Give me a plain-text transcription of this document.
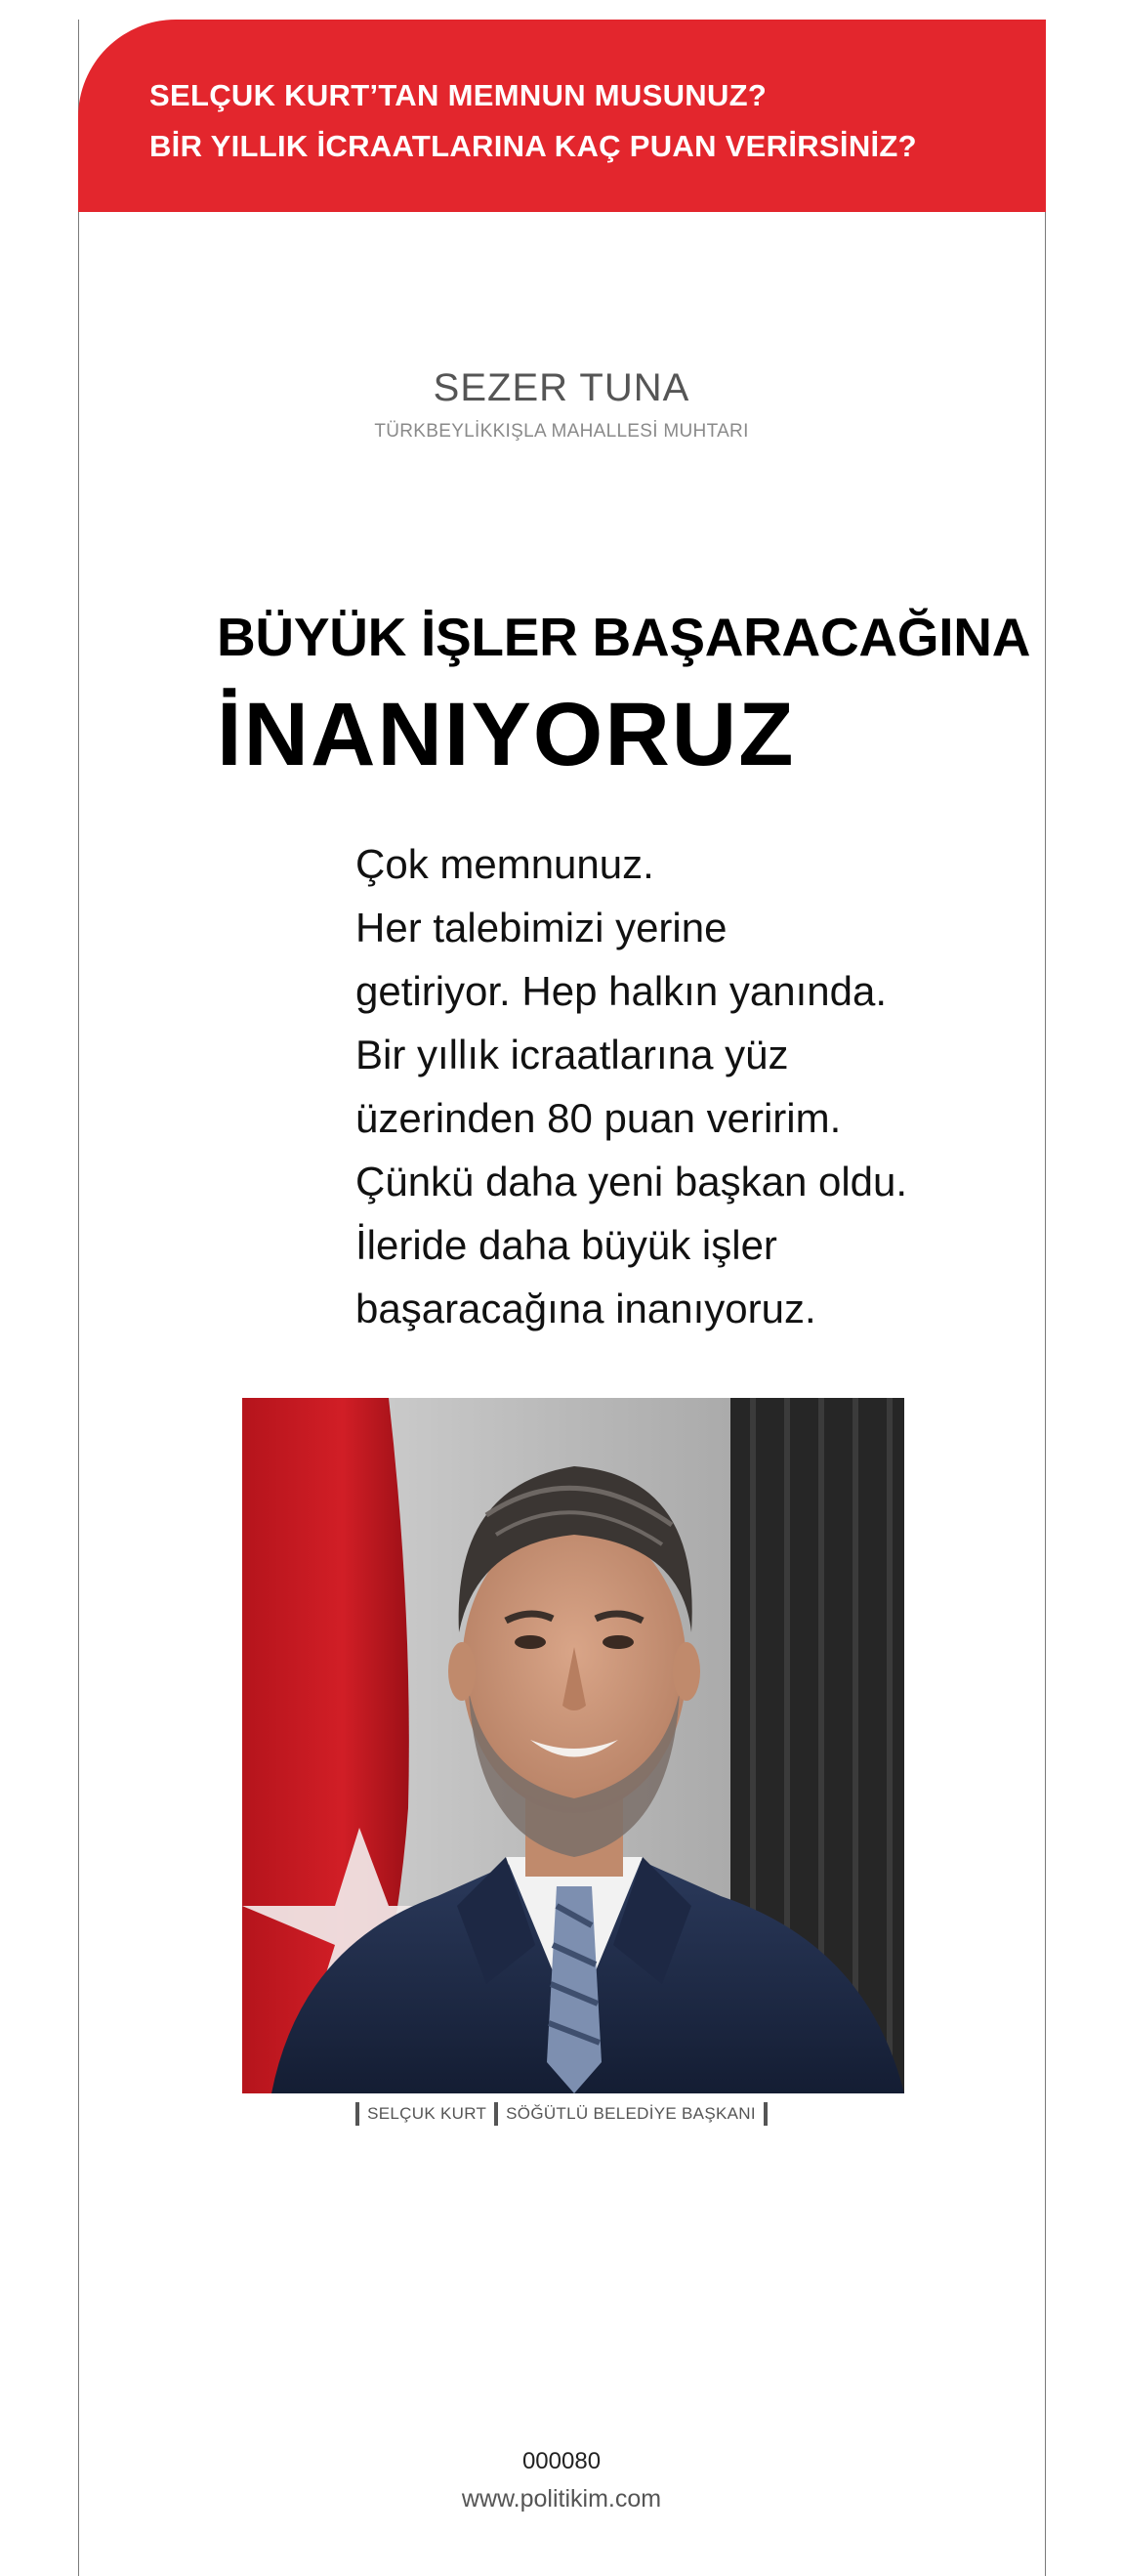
SELÇUK KURT’TAN MEMNUN MUSUNUZ?
BİR YILLIK İCRAATLARINA KAÇ PUAN VERİRSİNİZ?
SEZER TUNA
TÜRKBEYLİKKIŞLA MAHALLESİ MUHTARI
BÜYÜK İŞLER BAŞARACAĞINA
İNANIYORUZ
Çok memnunuz.
Her talebimizi yerine
getiriyor. Hep halkın yanında.
Bir yıllık icraatlarına yüz
üzerinden 80 puan veririm.
Çünkü daha yeni başkan oldu.
İleride daha büyük işler
başaracağına inanıyoruz.
SELÇUK KURT SÖĞÜTLÜ BELEDİYE BAŞKANI
000080
www.politikim.com
